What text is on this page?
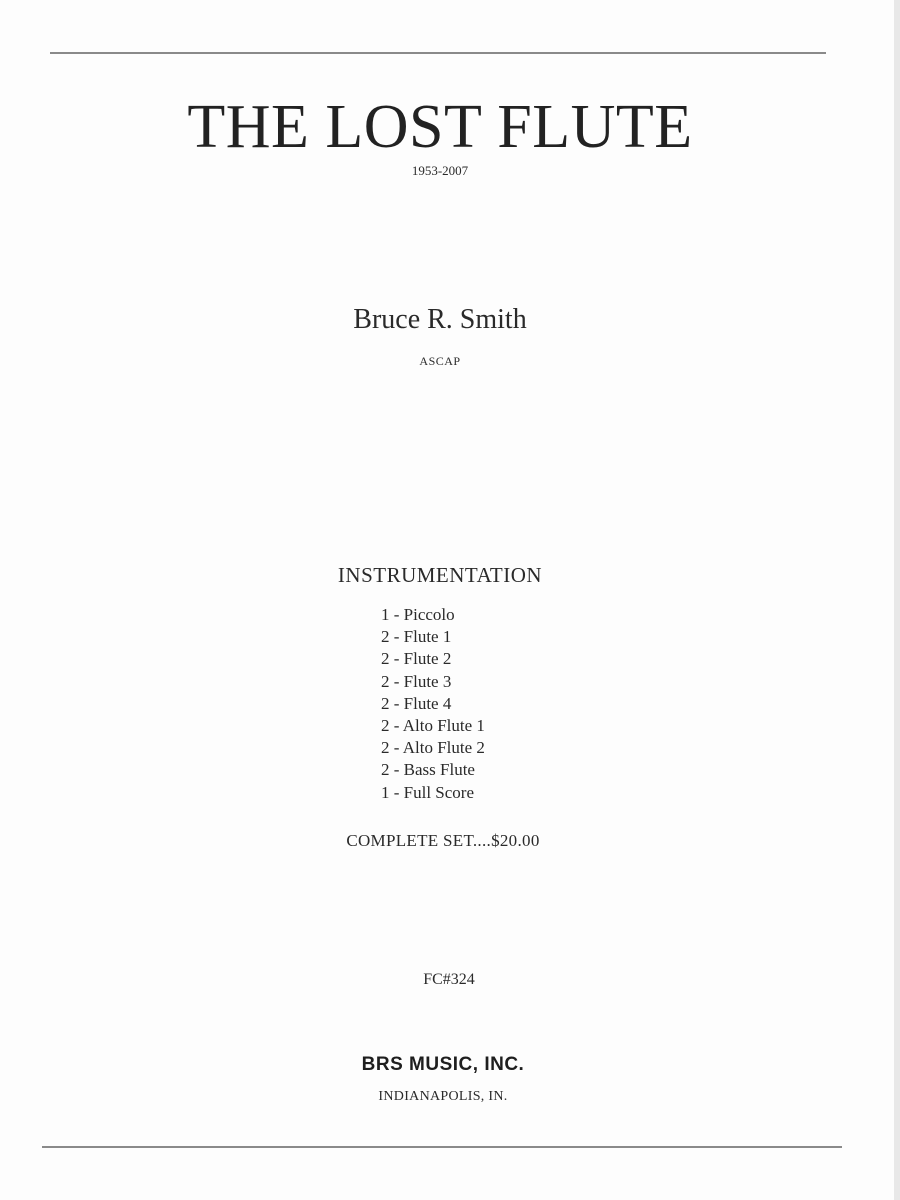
THE LOST FLUTE
1953-2007
Bruce R. Smith
ASCAP
INSTRUMENTATION
1 - Piccolo
2 - Flute 1
2 - Flute 2
2 - Flute 3
2 - Flute 4
2 - Alto Flute 1
2 - Alto Flute 2
2 - Bass Flute
1 - Full Score
COMPLETE SET....$20.00
FC#324
BRS MUSIC, INC.
INDIANAPOLIS, IN.
